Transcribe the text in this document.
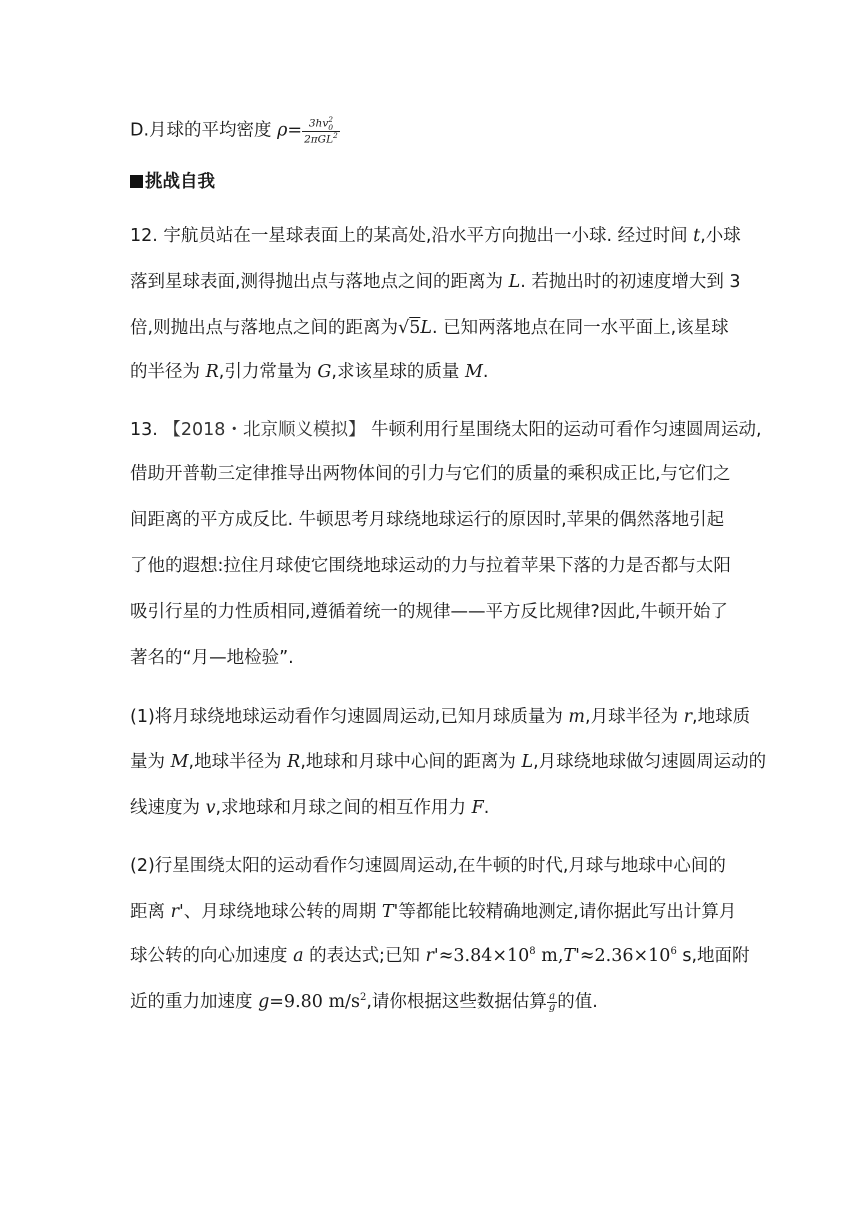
D.月球的平均密度 ρ= 3hv 2
0
2πGL$^2$
挑战自我
12. 宇航员站在一星球表面上的某高处,沿水平方向抛出一小球. 经过时间 t,小球
落到星球表面,测得抛出点与落地点之间的距离为 L. 若抛出时的初速度增大到 3
倍,则抛出点与落地点之间的距离为√5L. 已知两落地点在同一水平面上,该星球
的半径为 R,引力常量为 G,求该星球的质量 M.
13. 【2018・北京顺义模拟】 牛顿利用行星围绕太阳的运动可看作匀速圆周运动,
借助开普勒三定律推导出两物体间的引力与它们的质量的乘积成正比,与它们之
间距离的平方成反比. 牛顿思考月球绕地球运行的原因时,苹果的偶然落地引起
了他的遐想:拉住月球使它围绕地球运动的力与拉着苹果下落的力是否都与太阳
吸引行星的力性质相同,遵循着统一的规律——平方反比规律?因此,牛顿开始了
著名的“月—地检验”.
(1)将月球绕地球运动看作匀速圆周运动,已知月球质量为 m,月球半径为 r,地球质
量为 M,地球半径为 R,地球和月球中心间的距离为 L,月球绕地球做匀速圆周运动的
线速度为 v,求地球和月球之间的相互作用力 F.
(2)行星围绕太阳的运动看作匀速圆周运动,在牛顿的时代,月球与地球中心间的
距离 r'、月球绕地球公转的周期 T'等都能比较精确地测定,请你据此写出计算月
球公转的向心加速度 a 的表达式;已知 $r'\approx 3.84\times 10^8$ $m,T'\approx 2.36\times 10^6$ s,地面附
近的重力加速度 g=9.80 $m/s^2$,请你根据这些数据估算 $\frac{a}{g}$ 的值.
